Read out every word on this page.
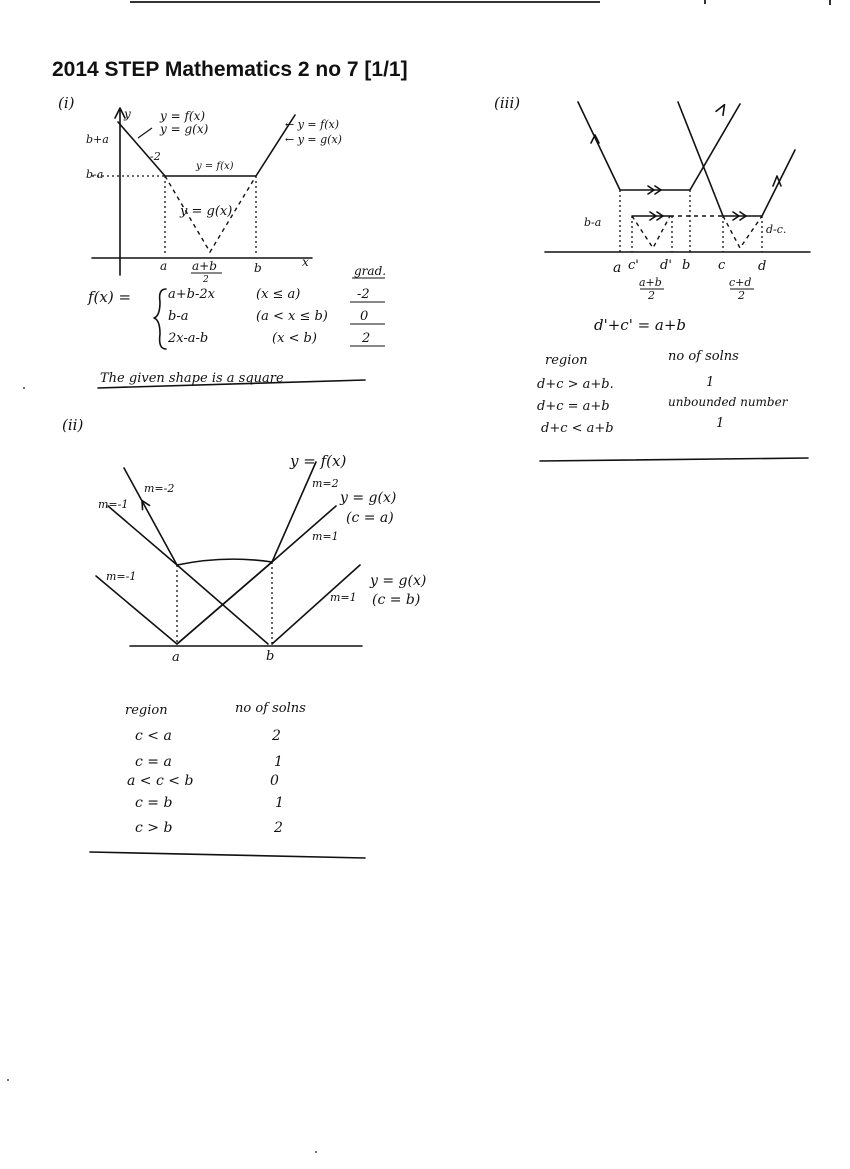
2014 STEP Mathematics 2 no 7 [1/1]
(i)
b+a
b-a
y
a	b	x
a+b
2
y = f(x)
y = g(x)
-2
y = f(x)
y = g(x)
← y = f(x)
← y = g(x)
f(x) =	a+b-2x	(x ≤ a)	-2
b-a	(a < x ≤ b) 0
2x-a-b	(x < b)	2
grad.
The given shape is a square
(ii)
y = f(x)
y = g(x)
(c = a)
y = g(x)
(c = b)
m=-2	m=2
m=-1
m=1
m=-1
m=1
a	b
region	no of solns
c < a	2
c = a	1
a < c < b	0
c = b	1
c > b	2
(iii)
b-a
d-c.
a c' d' b c	d
a+b
2
c+d
2
d'+c' = a+b
region	no of solns
d+c > a+b.	1
d+c = a+b	unbounded number
d+c < a+b	1
